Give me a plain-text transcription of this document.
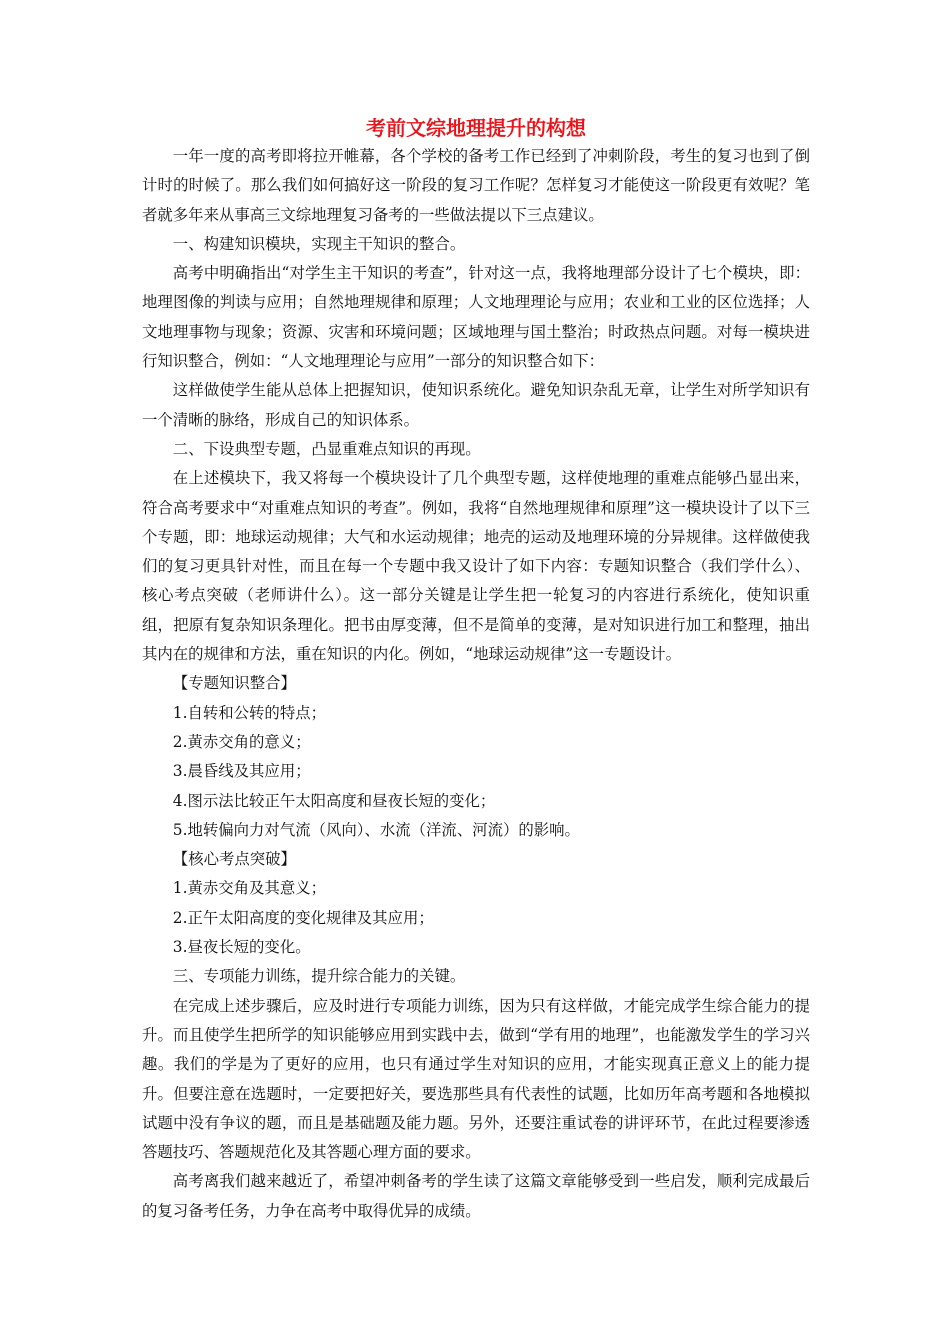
考前文综地理提升的构想

一年一度的高考即将拉开帷幕，各个学校的备考工作已经到了冲刺阶段，考生的复习也到了倒计时的时候了。那么我们如何搞好这一阶段的复习工作呢？怎样复习才能使这一阶段更有效呢？笔者就多年来从事高三文综地理复习备考的一些做法提以下三点建议。

一、构建知识模块，实现主干知识的整合。

高考中明确指出“对学生主干知识的考查”，针对这一点，我将地理部分设计了七个模块，即：地理图像的判读与应用；自然地理规律和原理；人文地理理论与应用；农业和工业的区位选择；人文地理事物与现象；资源、灾害和环境问题；区域地理与国土整治；时政热点问题。对每一模块进行知识整合，例如：“人文地理理论与应用”一部分的知识整合如下：

这样做使学生能从总体上把握知识，使知识系统化。避免知识杂乱无章，让学生对所学知识有一个清晰的脉络，形成自己的知识体系。

二、下设典型专题，凸显重难点知识的再现。

在上述模块下，我又将每一个模块设计了几个典型专题，这样使地理的重难点能够凸显出来，符合高考要求中“对重难点知识的考查”。例如，我将“自然地理规律和原理”这一模块设计了以下三个专题，即：地球运动规律；大气和水运动规律；地壳的运动及地理环境的分异规律。这样做使我们的复习更具针对性，而且在每一个专题中我又设计了如下内容：专题知识整合（我们学什么）、核心考点突破（老师讲什么）。这一部分关键是让学生把一轮复习的内容进行系统化，使知识重组，把原有复杂知识条理化。把书由厚变薄，但不是简单的变薄，是对知识进行加工和整理，抽出其内在的规律和方法，重在知识的内化。例如，“地球运动规律”这一专题设计。

【专题知识整合】

1.自转和公转的特点；

2.黄赤交角的意义；

3.晨昏线及其应用；

4.图示法比较正午太阳高度和昼夜长短的变化；

5.地转偏向力对气流（风向）、水流（洋流、河流）的影响。

【核心考点突破】

1.黄赤交角及其意义；

2.正午太阳高度的变化规律及其应用；

3.昼夜长短的变化。

三、专项能力训练，提升综合能力的关键。

在完成上述步骤后，应及时进行专项能力训练，因为只有这样做，才能完成学生综合能力的提升。而且使学生把所学的知识能够应用到实践中去，做到“学有用的地理”，也能激发学生的学习兴趣。我们的学是为了更好的应用，也只有通过学生对知识的应用，才能实现真正意义上的能力提升。但要注意在选题时，一定要把好关，要选那些具有代表性的试题，比如历年高考题和各地模拟试题中没有争议的题，而且是基础题及能力题。另外，还要注重试卷的讲评环节，在此过程要渗透答题技巧、答题规范化及其答题心理方面的要求。

高考离我们越来越近了，希望冲刺备考的学生读了这篇文章能够受到一些启发，顺利完成最后的复习备考任务，力争在高考中取得优异的成绩。
